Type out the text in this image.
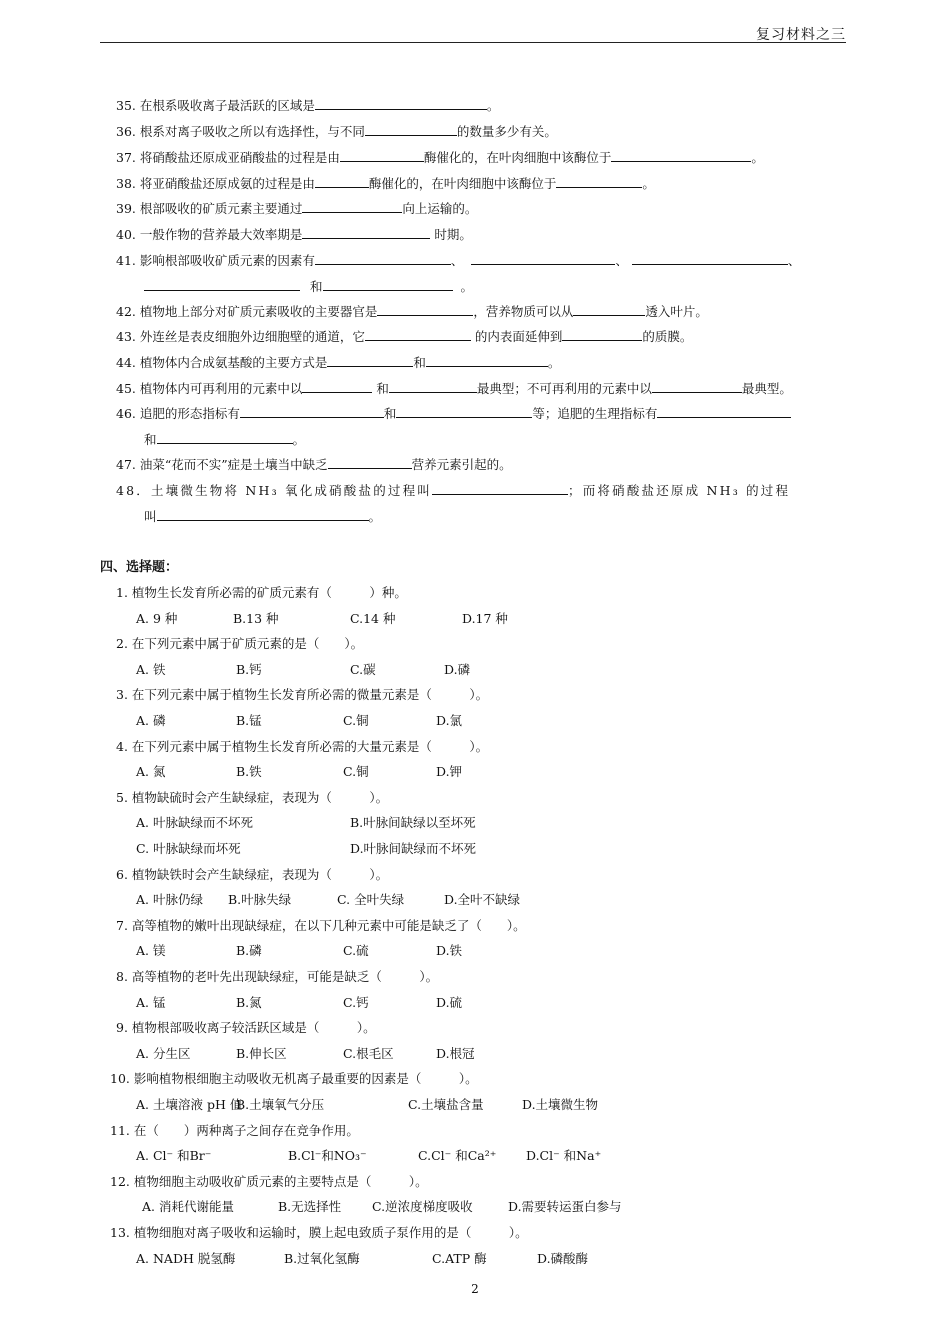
复习材料之三
35. 在根系吸收离子最活跃的区域是	。
36. 根系对离子吸收之所以有选择性，与不同	的数量多少有关。
37. 将硝酸盐还原成亚硝酸盐的过程是由	酶催化的，在叶肉细胞中该酶位于	。
38. 将亚硝酸盐还原成氨的过程是由	酶催化的，在叶肉细胞中该酶位于	。
39. 根部吸收的矿质元素主要通过	向上运输的。
40. 一般作物的营养最大效率期是	时期。
41. 影响根部吸收矿质元素的因素有	、	、	、
和	。
42. 植物地上部分对矿质元素吸收的主要器官是	，营养物质可以从	透入叶片。
43. 外连丝是表皮细胞外边细胞壁的通道，它	的内表面延伸到	的质膜。
44. 植物体内合成氨基酸的主要方式是	和	。
45. 植物体内可再利用的元素中以	和	最典型；不可再利用的元素中以	最典型。
46. 追肥的形态指标有	和	等；追肥的生理指标有
和	。
47. 油菜“花而不实”症是土壤当中缺乏	营养元素引起的。
48．土壤微生物将 NH₃ 氧化成硝酸盐的过程叫	；而将硝酸盐还原成 NH₃ 的过程
叫	。
四、选择题：
1. 植物生长发育所必需的矿质元素有（　　　）种。
A. 9 种	B.13 种	C.14 种	D.17 种
2. 在下列元素中属于矿质元素的是（　　）。
A. 铁	B.钙	C.碳	D.磷
3. 在下列元素中属于植物生长发育所必需的微量元素是（　　　）。
A. 磷	B.锰	C.铜	D.氯
4. 在下列元素中属于植物生长发育所必需的大量元素是（　　　）。
A. 氮	B.铁	C.铜	D.钾
5. 植物缺硫时会产生缺绿症，表现为（　　　）。
A. 叶脉缺绿而不坏死	B.叶脉间缺绿以至坏死
C. 叶脉缺绿而坏死	D.叶脉间缺绿而不坏死
6. 植物缺铁时会产生缺绿症，表现为（　　　）。
A. 叶脉仍绿 B.叶脉失绿	C. 全叶失绿	D.全叶不缺绿
7. 高等植物的嫩叶出现缺绿症，在以下几种元素中可能是缺乏了（　　）。
A. 镁	B.磷	C.硫	D.铁
8. 高等植物的老叶先出现缺绿症，可能是缺乏（　　　）。
A. 锰	B.氮	C.钙	D.硫
9. 植物根部吸收离子较活跃区域是（　　　）。
A. 分生区	B.伸长区	C.根毛区	D.根冠
10. 影响植物根细胞主动吸收无机离子最重要的因素是（　　　）。
A. 土壤溶液 pH 值
B.土壤氧气分压	C.土壤盐含量	D.土壤微生物
11. 在（　　）两种离子之间存在竞争作用。
A. Cl⁻ 和Br⁻	B.Cl⁻和NO₃⁻	C.Cl⁻ 和Ca²⁺ D.Cl⁻ 和Na⁺
12. 植物细胞主动吸收矿质元素的主要特点是（　　　）。
A. 消耗代谢能量	B.无选择性 C.逆浓度梯度吸收	D.需要转运蛋白参与
13. 植物细胞对离子吸收和运输时，膜上起电致质子泵作用的是（　　　）。
A. NADH 脱氢酶	B.过氧化氢酶	C.ATP 酶	D.磷酸酶
2
